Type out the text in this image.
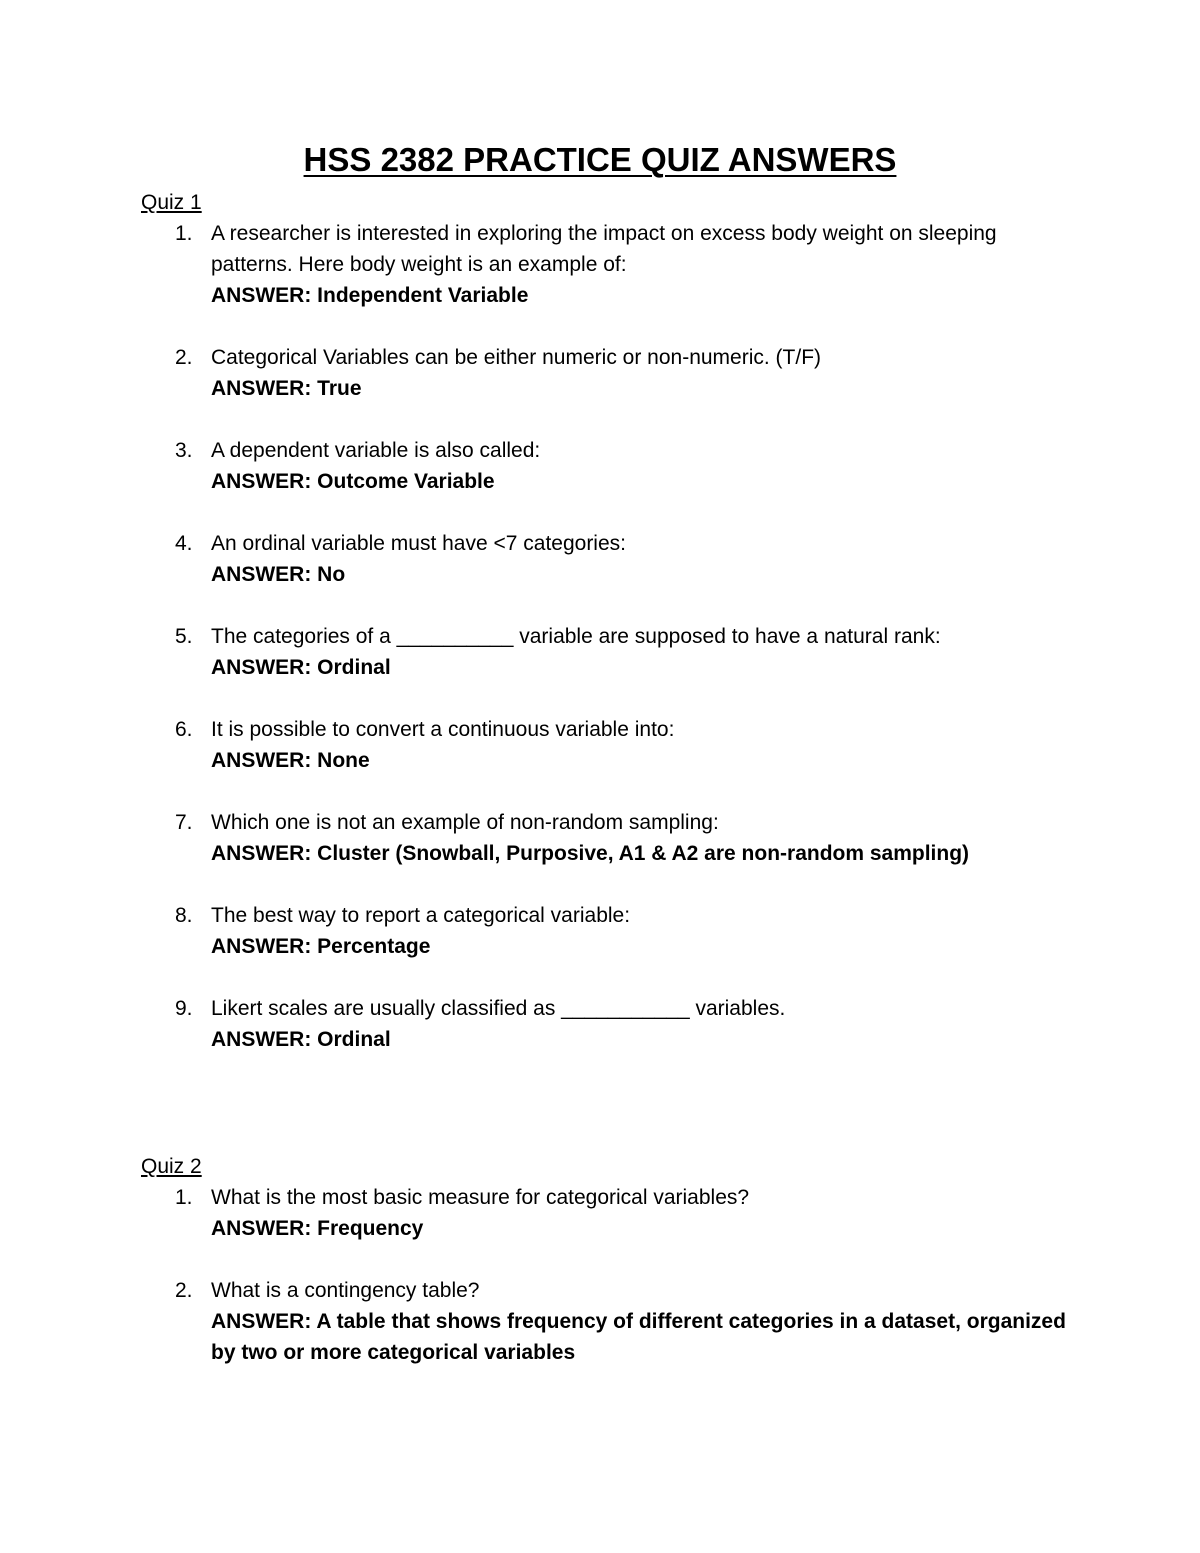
HSS 2382 PRACTICE QUIZ ANSWERS
Quiz 1
1. A researcher is interested in exploring the impact on excess body weight on sleeping patterns. Here body weight is an example of:
ANSWER: Independent Variable
2. Categorical Variables can be either numeric or non-numeric. (T/F)
ANSWER: True
3. A dependent variable is also called:
ANSWER: Outcome Variable
4. An ordinal variable must have <7 categories:
ANSWER: No
5. The categories of a __________ variable are supposed to have a natural rank:
ANSWER: Ordinal
6. It is possible to convert a continuous variable into:
ANSWER: None
7. Which one is not an example of non-random sampling:
ANSWER: Cluster (Snowball, Purposive, A1 & A2 are non-random sampling)
8. The best way to report a categorical variable:
ANSWER: Percentage
9. Likert scales are usually classified as ___________ variables.
ANSWER: Ordinal
Quiz 2
1. What is the most basic measure for categorical variables?
ANSWER: Frequency
2. What is a contingency table?
ANSWER: A table that shows frequency of different categories in a dataset, organized by two or more categorical variables
